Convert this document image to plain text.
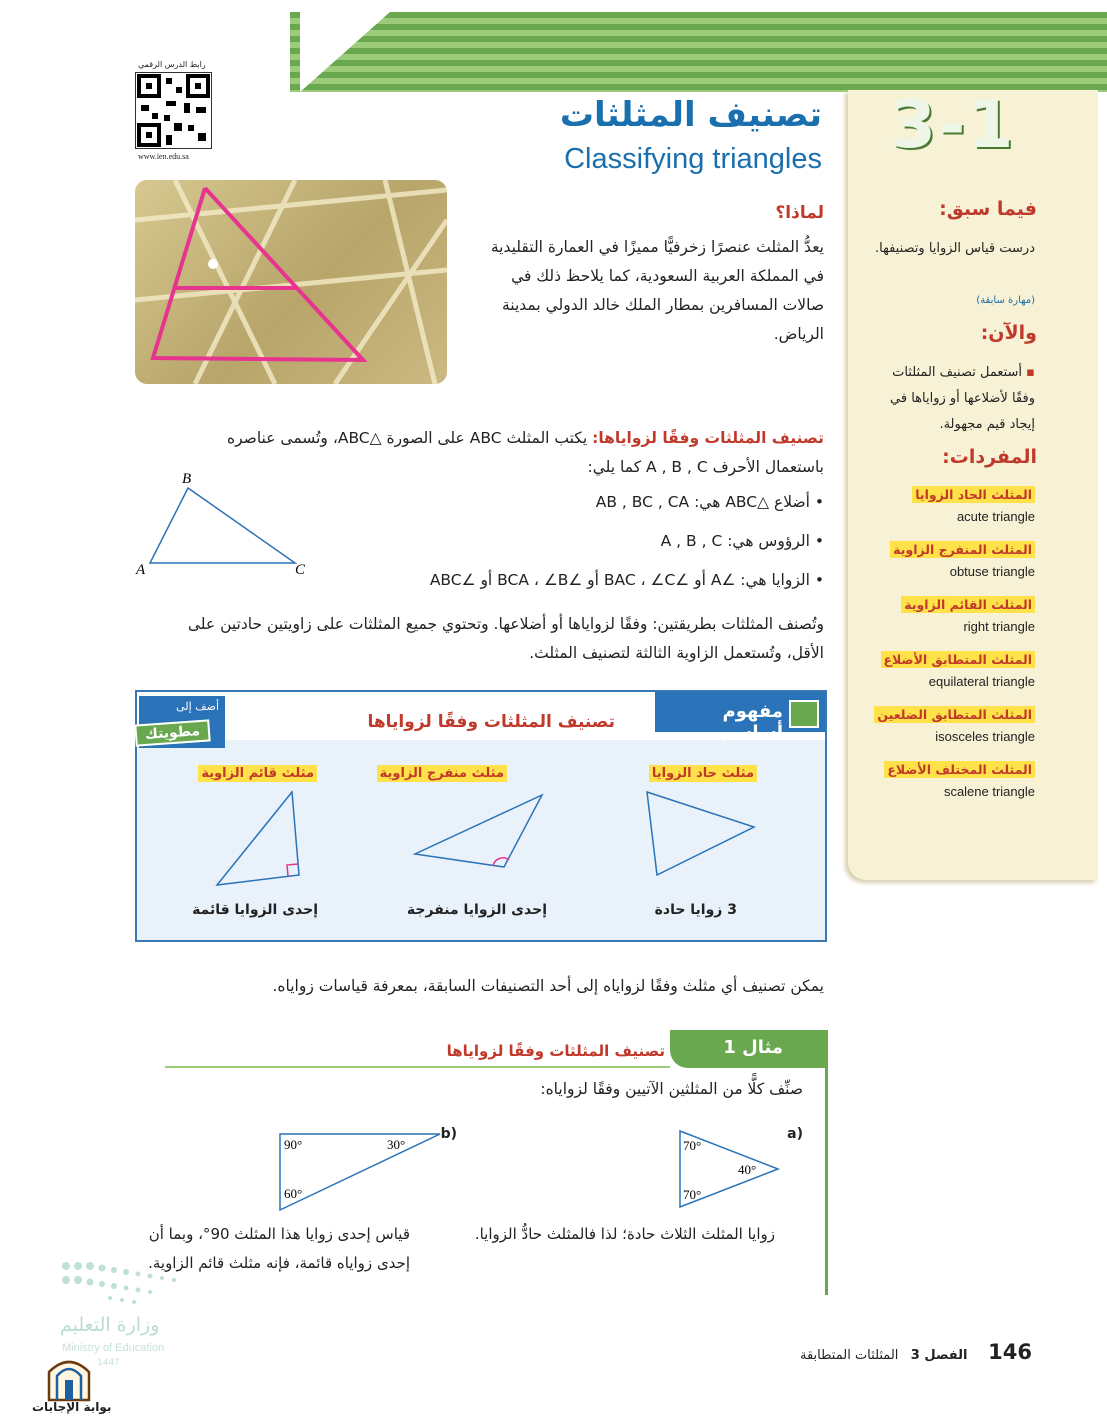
3-1
تصنيف المثلثات
Classifying triangles
رابط الدرس الرقمي
www.ien.edu.sa
لماذا؟
يعدُّ المثلث عنصرًا زخرفيًّا مميزًا في العمارة التقليدية في المملكة العربية السعودية، كما يلاحظ ذلك في صالات المسافرين بمطار الملك خالد الدولي بمدينة الرياض.
فيما سبق:
درست قياس الزوايا وتصنيفها.
(مهارة سابقة)
والآن:
▪ أستعمل تصنيف المثلثات وفقًا لأضلاعها أو زواياها في إيجاد قيم مجهولة.
المفردات:
المثلث الحاد الزوايا
acute triangle
المثلث المنفرج الزاوية
obtuse triangle
المثلث القائم الزاوية
right triangle
المثلث المتطابق الأضلاع
equilateral triangle
المثلث المتطابق الضلعين
isosceles triangle
المثلث المختلف الأضلاع
scalene triangle
تصنيف المثلثات وفقًا لزواياها: يكتب المثلث ABC على الصورة △ABC، وتُسمى عناصره باستعمال الأحرف A , B , C كما يلي:
• أضلاع △ABC هي: AB , BC , CA
• الرؤوس هي: A , B , C
• الزوايا هي: ∠A أو ∠BAC ، ∠C أو ∠BCA ، ∠B أو ∠ABC
B
A	C
وتُصنف المثلثات بطريقتين: وفقًا لزواياها أو أضلاعها. وتحتوي جميع المثلثات على زاويتين حادتين على الأقل، وتُستعمل الزاوية الثالثة لتصنيف المثلث.
مفهوم أساسي
تصنيف المثلثات وفقًا لزواياها
أضف إلى
مطويتك
مثلث حاد الزوايا
مثلث منفرج الزاوية
مثلث قائم الزاوية
3 زوايا حادة
إحدى الزوايا منفرجة
إحدى الزوايا قائمة
يمكن تصنيف أي مثلث وفقًا لزواياه إلى أحد التصنيفات السابقة، بمعرفة قياسات زواياه.
مثال 1
تصنيف المثلثات وفقًا لزواياها
صنِّف كلًّا من المثلثين الآتيين وفقًا لزواياه:
(a
70°
40°
70°
(b
90°	30°
60°
زوايا المثلث الثلاث حادة؛ لذا فالمثلث حادُّ الزوايا.
قياس إحدى زوايا هذا المثلث 90°، وبما أن إحدى زواياه قائمة، فإنه مثلث قائم الزاوية.
وزارة التعليم
Ministry of Education
1447
بوابة الإجابات
146     الفصل 3   المثلثات المتطابقة
